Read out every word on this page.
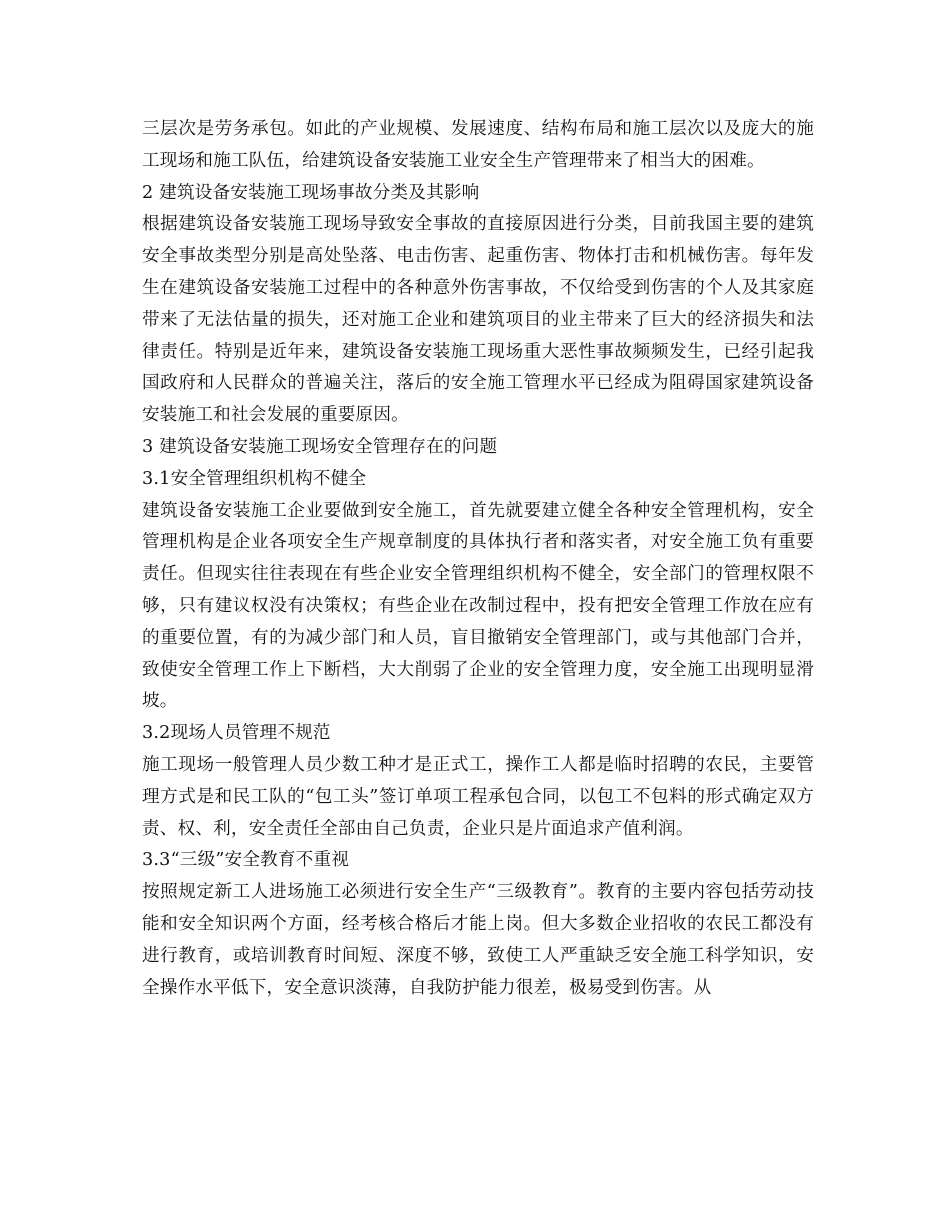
三层次是劳务承包。如此的产业规模、发展速度、结构布局和施工层次以及庞大的施工现场和施工队伍，给建筑设备安装施工业安全生产管理带来了相当大的困难。

2 建筑设备安装施工现场事故分类及其影响

根据建筑设备安装施工现场导致安全事故的直接原因进行分类，目前我国主要的建筑安全事故类型分别是高处坠落、电击伤害、起重伤害、物体打击和机械伤害。每年发生在建筑设备安装施工过程中的各种意外伤害事故，不仅给受到伤害的个人及其家庭带来了无法估量的损失，还对施工企业和建筑项目的业主带来了巨大的经济损失和法律责任。特别是近年来，建筑设备安装施工现场重大恶性事故频频发生，已经引起我国政府和人民群众的普遍关注，落后的安全施工管理水平已经成为阻碍国家建筑设备安装施工和社会发展的重要原因。

3 建筑设备安装施工现场安全管理存在的问题

3.1安全管理组织机构不健全

建筑设备安装施工企业要做到安全施工，首先就要建立健全各种安全管理机构，安全管理机构是企业各项安全生产规章制度的具体执行者和落实者，对安全施工负有重要责任。但现实往往表现在有些企业安全管理组织机构不健全，安全部门的管理权限不够，只有建议权没有决策权；有些企业在改制过程中，投有把安全管理工作放在应有的重要位置，有的为减少部门和人员，盲目撤销安全管理部门，或与其他部门合并，致使安全管理工作上下断档，大大削弱了企业的安全管理力度，安全施工出现明显滑坡。

3.2现场人员管理不规范

施工现场一般管理人员少数工种才是正式工，操作工人都是临时招聘的农民，主要管理方式是和民工队的“包工头”签订单项工程承包合同，以包工不包料的形式确定双方责、权、利，安全责任全部由自己负责，企业只是片面追求产值利润。

3.3“三级”安全教育不重视

按照规定新工人进场施工必须进行安全生产“三级教育”。教育的主要内容包括劳动技能和安全知识两个方面，经考核合格后才能上岗。但大多数企业招收的农民工都没有进行教育，或培训教育时间短、深度不够，致使工人严重缺乏安全施工科学知识，安全操作水平低下，安全意识淡薄，自我防护能力很差，极易受到伤害。从
